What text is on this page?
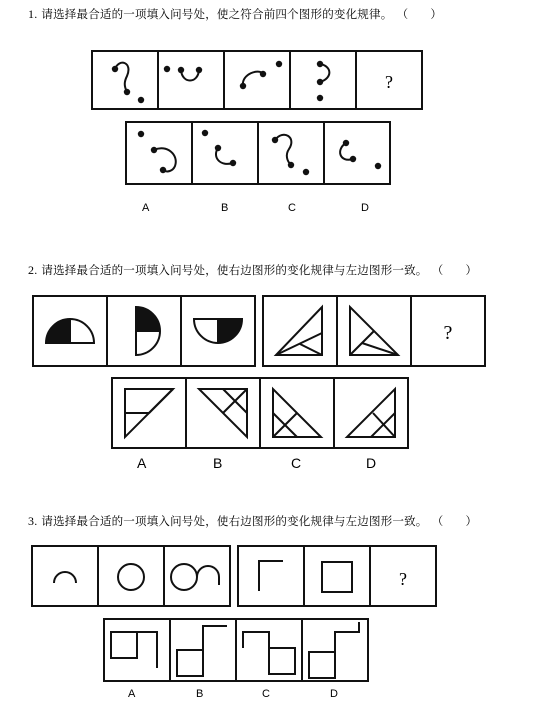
1. 请选择最合适的一项填入问号处，使之符合前四个图形的变化规律。 （ ）
?
A	B	C	D
2. 请选择最合适的一项填入问号处，使右边图形的变化规律与左边图形一致。 （ ）
?
A	B	C	D
3. 请选择最合适的一项填入问号处，使右边图形的变化规律与左边图形一致。 （ ）
?
A	B	C	D
